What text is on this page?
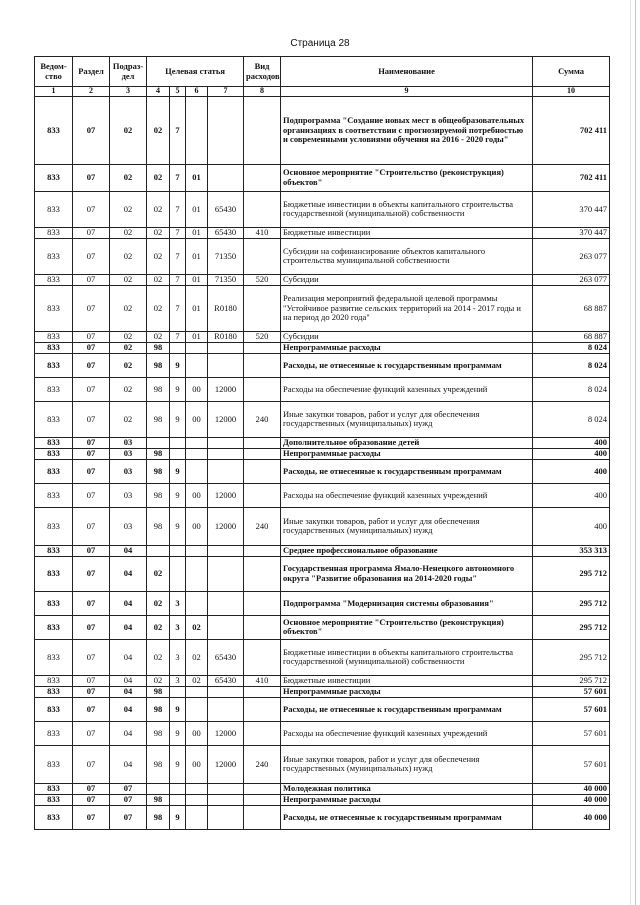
Страница 28
Ведом-ство	Раздел	Подраз-дел	Целевая статья				Вид расходов	Наименование	Сумма
1	2	3	4	5	6	7	8	9	10
833	07	02	02	7				Подпрограмма "Создание новых мест в общеобразовательных организациях в соответствии с прогнозируемой потребностью и современными условиями обучения на 2016 - 2020 годы"	702 411
833	07	02	02	7	01			Основное мероприятие "Строительство (реконструкция) объектов"	702 411
833	07	02	02	7	01	65430		Бюджетные инвестиции в объекты капитального строительства государственной (муниципальной) собственности	370 447
833	07	02	02	7	01	65430	410	Бюджетные инвестиции	370 447
833	07	02	02	7	01	71350		Субсидии на софинансирование объектов капитального строительства муниципальной собственности	263 077
833	07	02	02	7	01	71350	520	Субсидии	263 077
833	07	02	02	7	01	R0180		Реализация мероприятий федеральной целевой программы "Устойчивое развитие сельских территорий на 2014 - 2017 годы и на период до 2020 года"	68 887
833	07	02	02	7	01	R0180	520	Субсидии	68 887
833	07	02	98					Непрограммные расходы	8 024
833	07	02	98	9				Расходы, не отнесенные к государственным программам	8 024
833	07	02	98	9	00	12000		Расходы на обеспечение функций казенных учреждений	8 024
833	07	02	98	9	00	12000	240	Иные закупки товаров, работ и услуг для обеспечения государственных (муниципальных) нужд	8 024
833	07	03						Дополнительное образование детей	400
833	07	03	98					Непрограммные расходы	400
833	07	03	98	9				Расходы, не отнесенные к государственным программам	400
833	07	03	98	9	00	12000		Расходы на обеспечение функций казенных учреждений	400
833	07	03	98	9	00	12000	240	Иные закупки товаров, работ и услуг для обеспечения государственных (муниципальных) нужд	400
833	07	04						Среднее профессиональное образование	353 313
833	07	04	02					Государственная программа Ямало-Ненецкого автономного округа "Развитие образования на 2014-2020 годы"	295 712
833	07	04	02	3				Подпрограмма "Модернизация системы образования"	295 712
833	07	04	02	3	02			Основное мероприятие "Строительство (реконструкция) объектов"	295 712
833	07	04	02	3	02	65430		Бюджетные инвестиции в объекты капитального строительства государственной (муниципальной) собственности	295 712
833	07	04	02	3	02	65430	410	Бюджетные инвестиции	295 712
833	07	04	98					Непрограммные расходы	57 601
833	07	04	98	9				Расходы, не отнесенные к государственным программам	57 601
833	07	04	98	9	00	12000		Расходы на обеспечение функций казенных учреждений	57 601
833	07	04	98	9	00	12000	240	Иные закупки товаров, работ и услуг для обеспечения государственных (муниципальных) нужд	57 601
833	07	07						Молодежная политика	40 000
833	07	07	98					Непрограммные расходы	40 000
833	07	07	98	9				Расходы, не отнесенные к государственным программам	40 000
